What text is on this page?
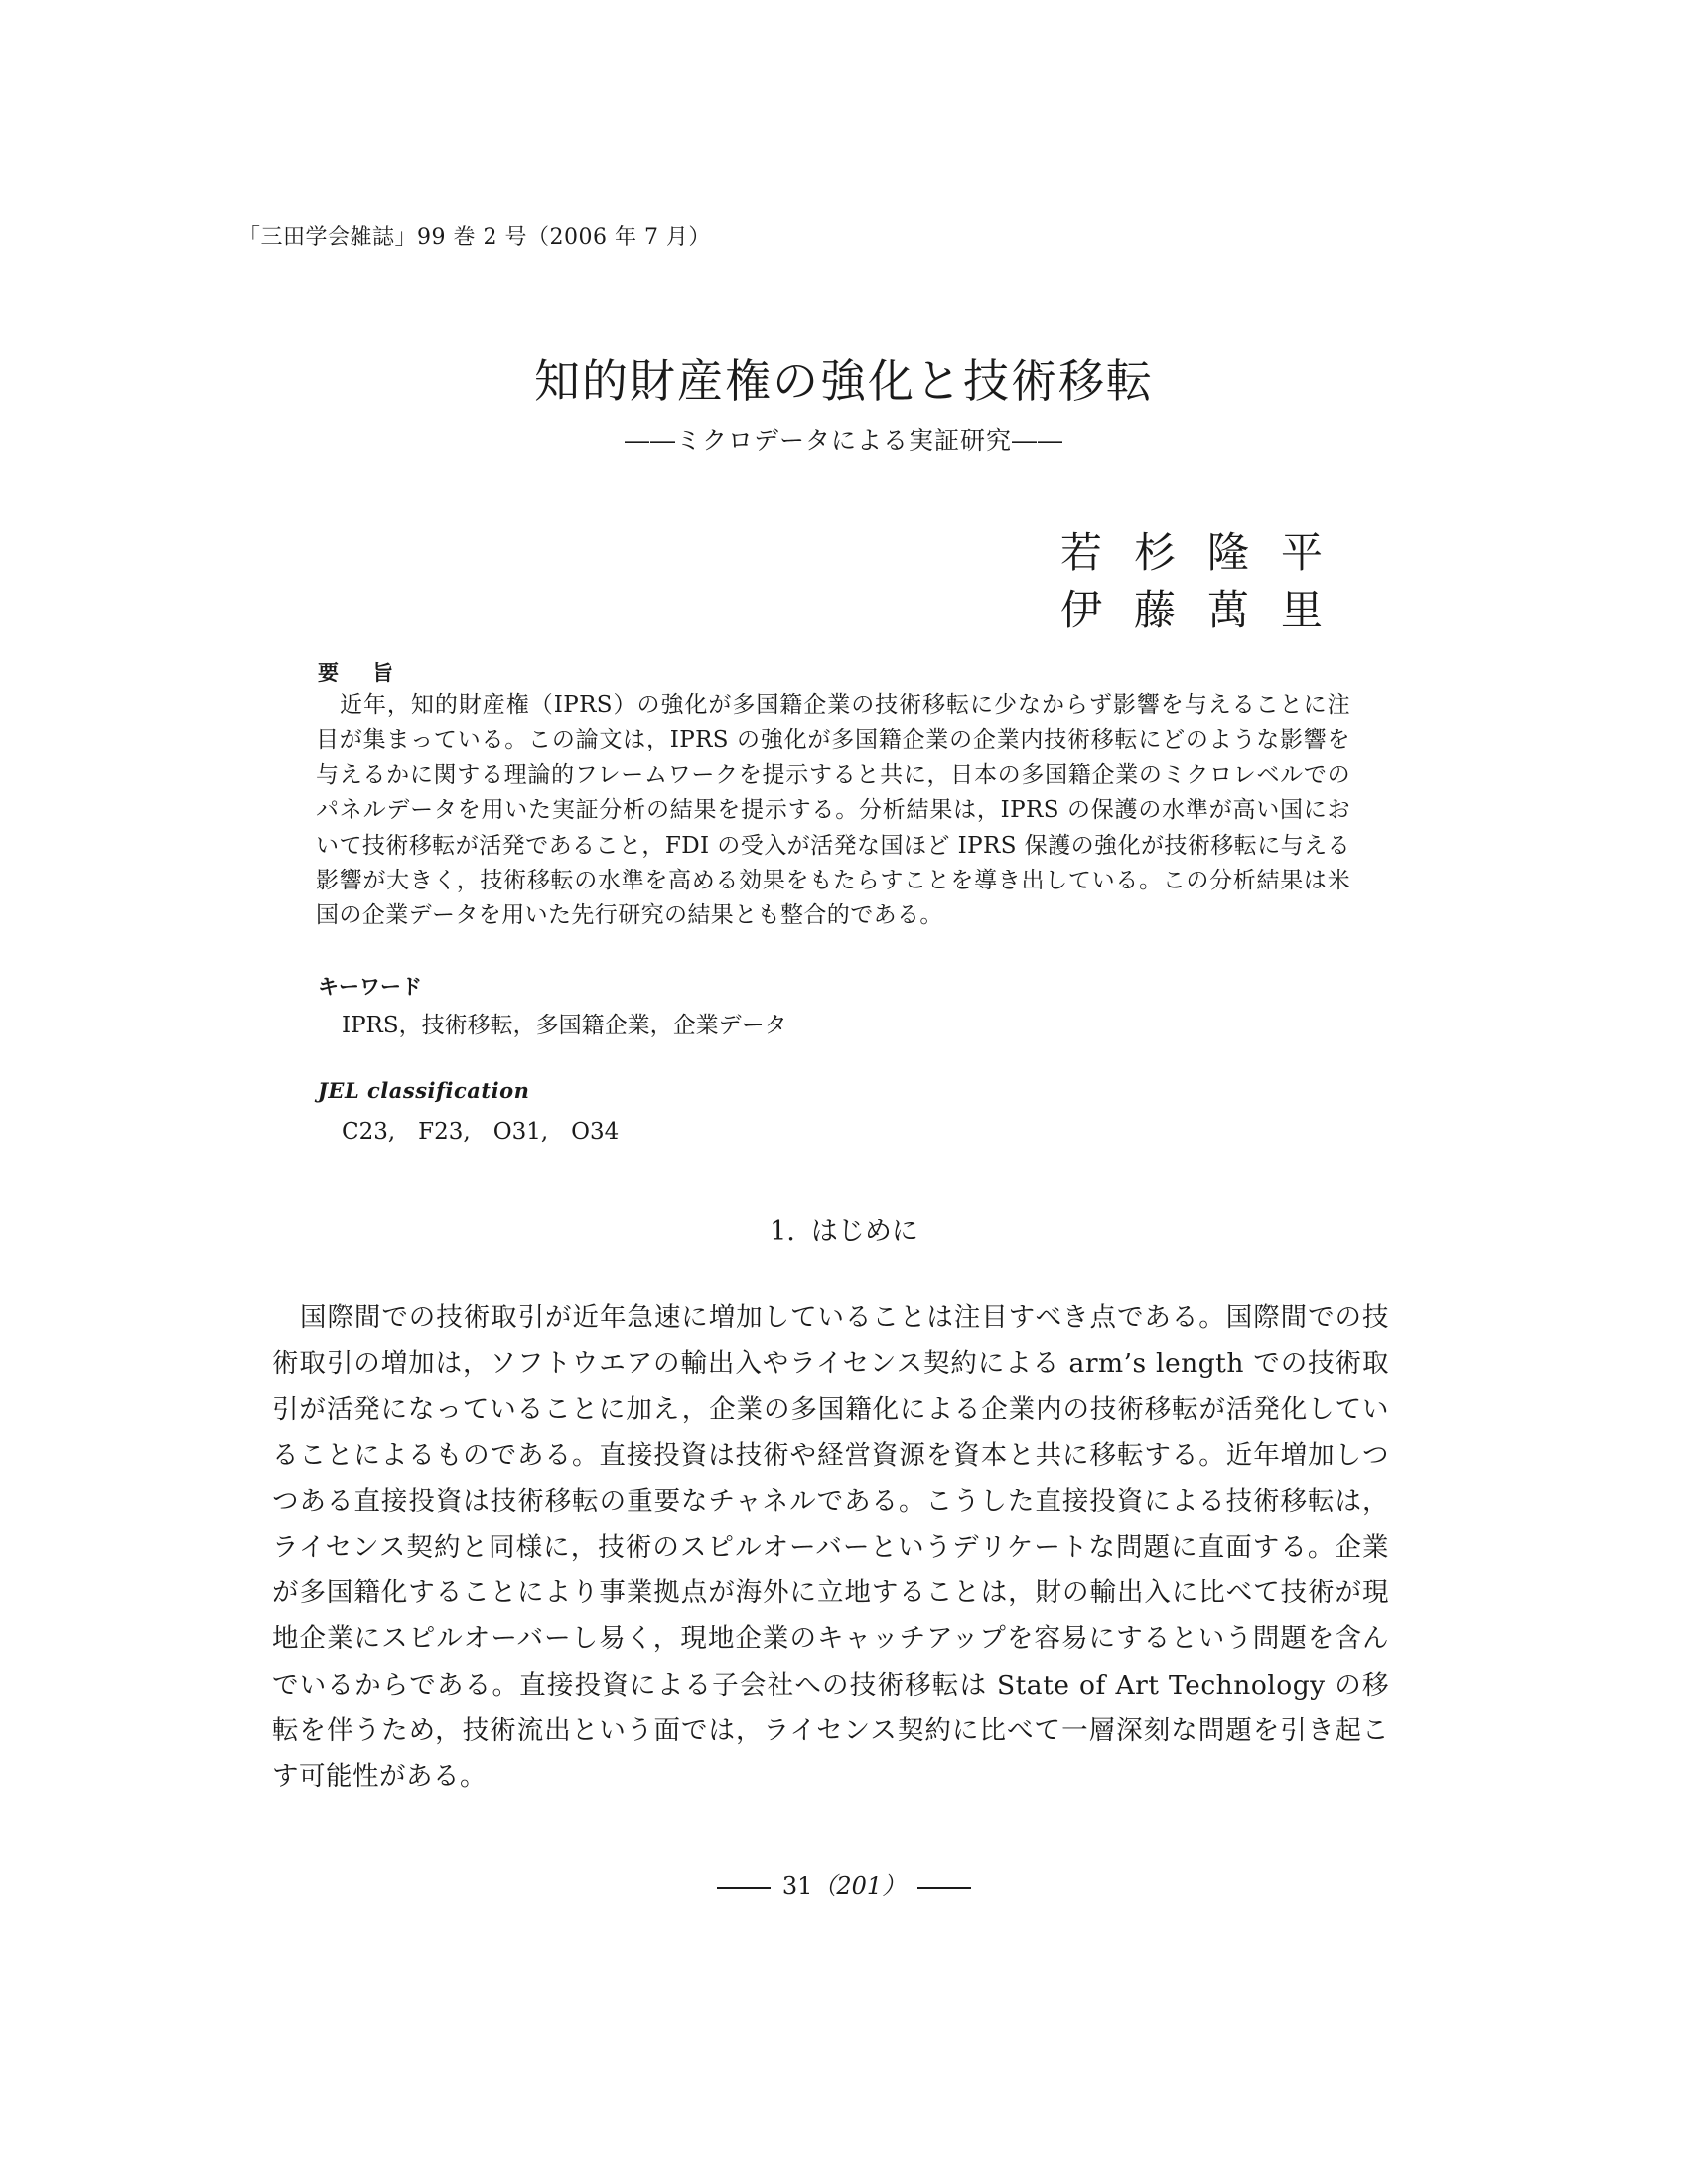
「三田学会雑誌」99 巻 2 号（2006 年 7 月）
知的財産権の強化と技術移転
――ミクロデータによる実証研究――
若杉隆平
伊藤萬里
要旨
近年，知的財産権（IPRS）の強化が多国籍企業の技術移転に少なからず影響を与えることに注目が集まっている。この論文は，IPRS の強化が多国籍企業の企業内技術移転にどのような影響を与えるかに関する理論的フレームワークを提示すると共に，日本の多国籍企業のミクロレベルでのパネルデータを用いた実証分析の結果を提示する。分析結果は，IPRS の保護の水準が高い国において技術移転が活発であること，FDI の受入が活発な国ほど IPRS 保護の強化が技術移転に与える影響が大きく，技術移転の水準を高める効果をもたらすことを導き出している。この分析結果は米国の企業データを用いた先行研究の結果とも整合的である。
キーワード
IPRS，技術移転，多国籍企業，企業データ
JEL classification
C23,　F23,　O31,　O34
1. はじめに
国際間での技術取引が近年急速に増加していることは注目すべき点である。国際間での技術取引の増加は，ソフトウエアの輸出入やライセンス契約による arm’s length での技術取引が活発になっていることに加え，企業の多国籍化による企業内の技術移転が活発化していることによるものである。直接投資は技術や経営資源を資本と共に移転する。近年増加しつつある直接投資は技術移転の重要なチャネルである。こうした直接投資による技術移転は，ライセンス契約と同様に，技術のスピルオーバーというデリケートな問題に直面する。企業が多国籍化することにより事業拠点が海外に立地することは，財の輸出入に比べて技術が現地企業にスピルオーバーし易く，現地企業のキャッチアップを容易にするという問題を含んでいるからである。直接投資による子会社への技術移転は State of Art Technology の移転を伴うため，技術流出という面では，ライセンス契約に比べて一層深刻な問題を引き起こす可能性がある。
31（201）
